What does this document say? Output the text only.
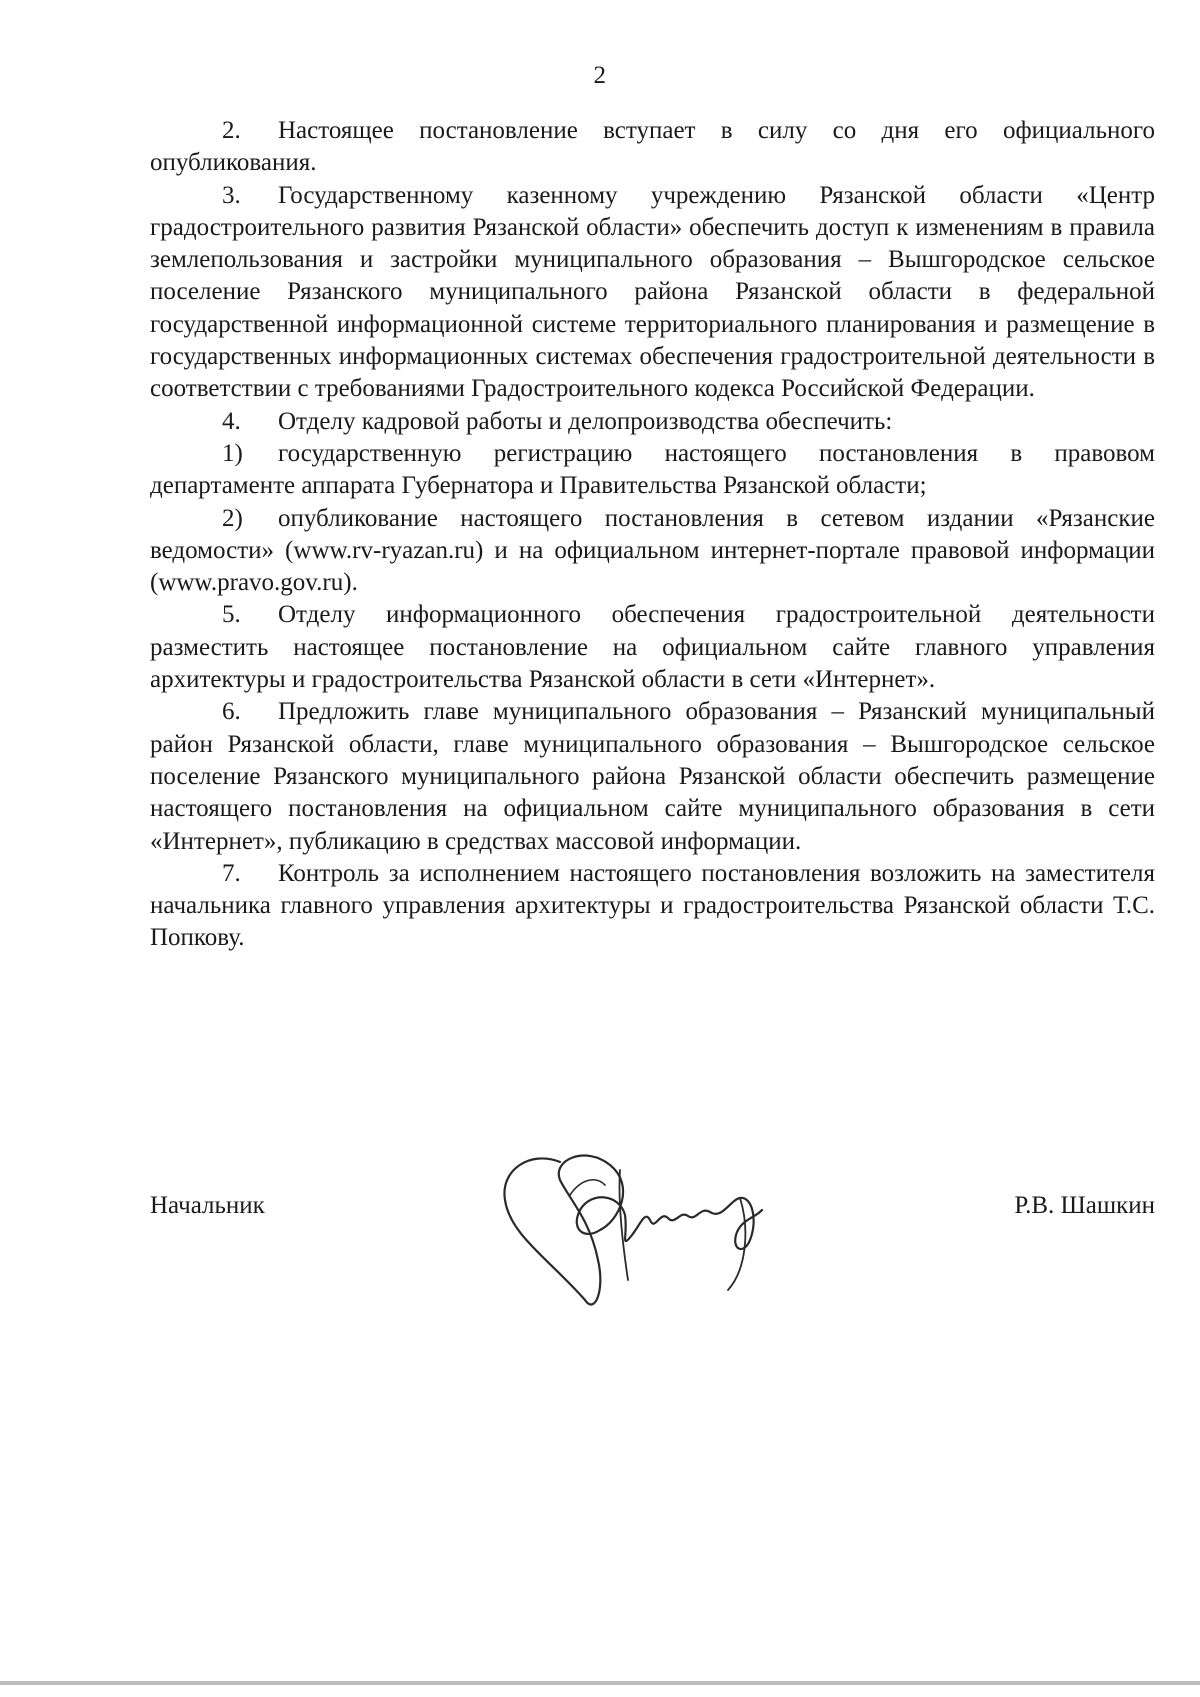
2

2. Настоящее постановление вступает в силу со дня его официального опубликования.

3. Государственному казенному учреждению Рязанской области «Центр градостроительного развития Рязанской области» обеспечить доступ к изменениям в правила землепользования и застройки муниципального образования – Вышгородское сельское поселение Рязанского муниципального района Рязанской области в федеральной государственной информационной системе территориального планирования и размещение в государственных информационных системах обеспечения градостроительной деятельности в соответствии с требованиями Градостроительного кодекса Российской Федерации.

4. Отделу кадровой работы и делопроизводства обеспечить:

1) государственную регистрацию настоящего постановления в правовом департаменте аппарата Губернатора и Правительства Рязанской области;

2) опубликование настоящего постановления в сетевом издании «Рязанские ведомости» (www.rv-ryazan.ru) и на официальном интернет-портале правовой информации (www.pravo.gov.ru).

5. Отделу информационного обеспечения градостроительной деятельности разместить настоящее постановление на официальном сайте главного управления архитектуры и градостроительства Рязанской области в сети «Интернет».

6. Предложить главе муниципального образования – Рязанский муниципальный район Рязанской области, главе муниципального образования – Вышгородское сельское поселение Рязанского муниципального района Рязанской области обеспечить размещение настоящего постановления на официальном сайте муниципального образования в сети «Интернет», публикацию в средствах массовой информации.

7. Контроль за исполнением настоящего постановления возложить на заместителя начальника главного управления архитектуры и градостроительства Рязанской области Т.С. Попкову.

Начальник	Р.В. Шашкин
